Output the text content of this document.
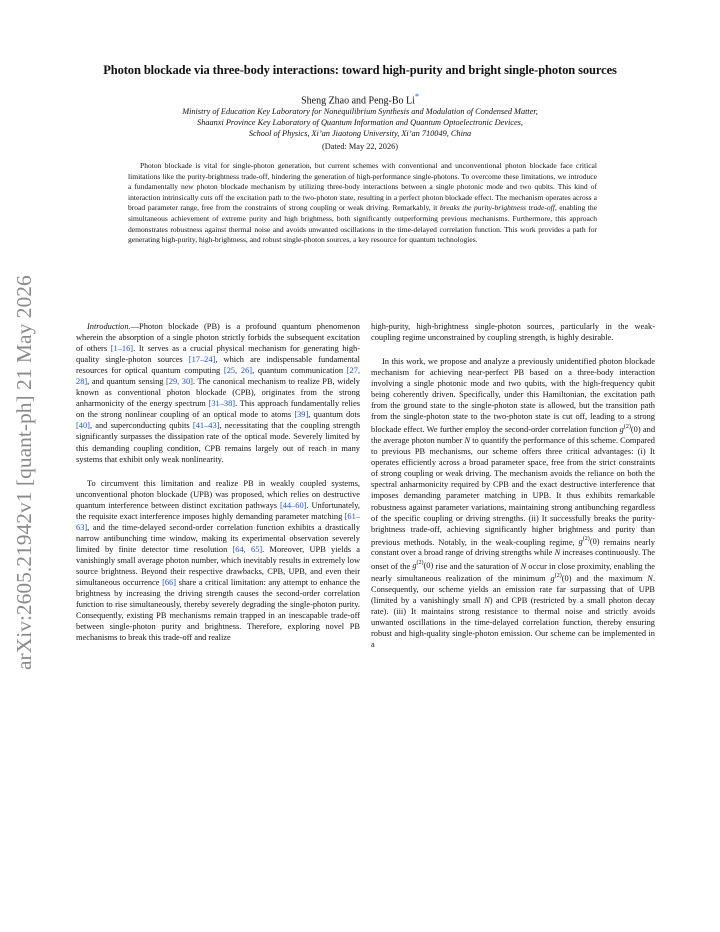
arXiv:2605.21942v1 [quant-ph] 21 May 2026
Photon blockade via three-body interactions: toward high-purity and bright single-photon sources
Sheng Zhao and Peng-Bo Li*
Ministry of Education Key Laboratory for Nonequilibrium Synthesis and Modulation of Condensed Matter,
Shaanxi Province Key Laboratory of Quantum Information and Quantum Optoelectronic Devices,
School of Physics, Xi’an Jiaotong University, Xi’an 710049, China
(Dated: May 22, 2026)
Photon blockade is vital for single-photon generation, but current schemes with conventional and unconventional photon blockade face critical limitations like the purity-brightness trade-off, hindering the generation of high-performance single-photons. To overcome these limitations, we introduce a fundamentally new photon blockade mechanism by utilizing three-body interactions between a single photonic mode and two qubits. This kind of interaction intrinsically cuts off the excitation path to the two-photon state, resulting in a perfect photon blockade effect. The mechanism operates across a broad parameter range, free from the constraints of strong coupling or weak driving. Remarkably, it breaks the purity-brightness trade-off, enabling the simultaneous achievement of extreme purity and high brightness, both significantly outperforming previous mechanisms. Furthermore, this approach demonstrates robustness against thermal noise and avoids unwanted oscillations in the time-delayed correlation function. This work provides a path for generating high-purity, high-brightness, and robust single-photon sources, a key resource for quantum technologies.

Introduction.—Photon blockade (PB) is a profound quantum phenomenon wherein the absorption of a single photon strictly forbids the subsequent excitation of others [1–16]. It serves as a crucial physical mechanism for generating high-quality single-photon sources [17–24], which are indispensable fundamental resources for optical quantum computing [25, 26], quantum communication [27, 28], and quantum sensing [29, 30]. The canonical mechanism to realize PB, widely known as conventional photon blockade (CPB), originates from the strong anharmonicity of the energy spectrum [31–38]. This approach fundamentally relies on the strong nonlinear coupling of an optical mode to atoms [39], quantum dots [40], and superconducting qubits [41–43], necessitating that the coupling strength significantly surpasses the dissipation rate of the optical mode. Severely limited by this demanding coupling condition, CPB remains largely out of reach in many systems that exhibit only weak nonlinearity.

To circumvent this limitation and realize PB in weakly coupled systems, unconventional photon blockade (UPB) was proposed, which relies on destructive quantum interference between distinct excitation pathways [44–60]. Unfortunately, the requisite exact interference imposes highly demanding parameter matching [61–63], and the time-delayed second-order correlation function exhibits a drastically narrow antibunching time window, making its experimental observation severely limited by finite detector time resolution [64, 65]. Moreover, UPB yields a vanishingly small average photon number, which inevitably results in extremely low source brightness. Beyond their respective drawbacks, CPB, UPB, and even their simultaneous occurrence [66] share a critical limitation: any attempt to enhance the brightness by increasing the driving strength causes the second-order correlation function to rise simultaneously, thereby severely degrading the single-photon purity. Consequently, existing PB mechanisms remain trapped in an inescapable trade-off between single-photon purity and brightness. Therefore, exploring novel PB mechanisms to break this trade-off and realize

high-purity, high-brightness single-photon sources, particularly in the weak-coupling regime unconstrained by coupling strength, is highly desirable.

In this work, we propose and analyze a previously unidentified photon blockade mechanism for achieving near-perfect PB based on a three-body interaction involving a single photonic mode and two qubits, with the high-frequency qubit being coherently driven. Specifically, under this Hamiltonian, the excitation path from the ground state to the single-photon state is allowed, but the transition path from the single-photon state to the two-photon state is cut off, leading to a strong blockade effect. We further employ the second-order correlation function $g^{(2)}(0)$ and the average photon number N to quantify the performance of this scheme. Compared to previous PB mechanisms, our scheme offers three critical advantages: (i) It operates efficiently across a broad parameter space, free from the strict constraints of strong coupling or weak driving. The mechanism avoids the reliance on both the spectral anharmonicity required by CPB and the exact destructive interference that imposes demanding parameter matching in UPB. It thus exhibits remarkable robustness against parameter variations, maintaining strong antibunching regardless of the specific coupling or driving strengths. (ii) It successfully breaks the purity-brightness trade-off, achieving significantly higher brightness and purity than previous methods. Notably, in the weak-coupling regime, $g^{(2)}(0)$ remains nearly constant over a broad range of driving strengths while N increases continuously. The onset of the $g^{(2)}(0)$ rise and the saturation of N occur in close proximity, enabling the nearly simultaneous realization of the minimum $g^{(2)}(0)$ and the maximum N. Consequently, our scheme yields an emission rate far surpassing that of UPB (limited by a vanishingly small N) and CPB (restricted by a small photon decay rate). (iii) It maintains strong resistance to thermal noise and strictly avoids unwanted oscillations in the time-delayed correlation function, thereby ensuring robust and high-quality single-photon emission. Our scheme can be implemented in a
